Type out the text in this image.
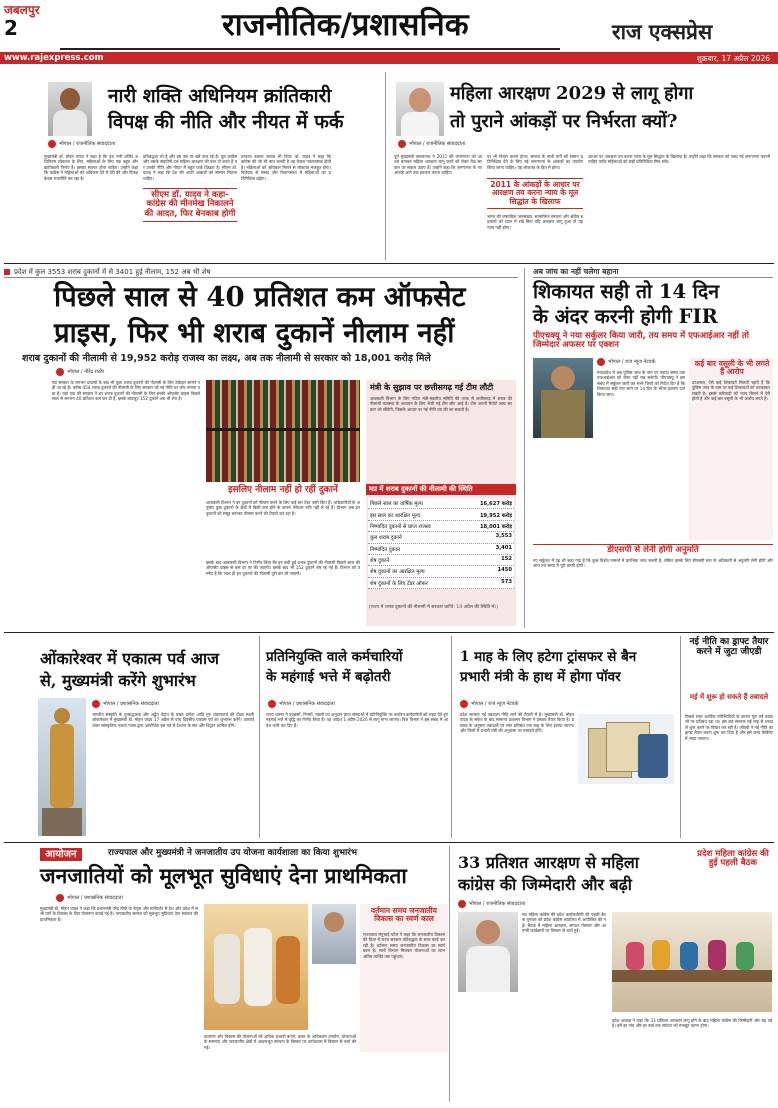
जबलपुर
2	राजनीतिक/प्रशासनिक	राज एक्सप्रेस
www.rajexpress.com	शुक्रवार, 17 अप्रैल 2026
नारी शक्ति अधिनियम क्रांतिकारी
विपक्ष की नीति और नीयत में फर्क
भोपाल / राजनीतिक संवाददाता
मुख्यमंत्री डॉ. मोहन यादव ने कहा है कि देश नारी शक्ति अधिनियम लोकतंत्र के लिए, महिलाओं के लिए एक बहुत और क्रांतिकारी निर्णय है। इसका स्वागत होना चाहिए। उन्होंने कहा कि कांग्रेस ने महिलाओं को अधिकार देने में देरी की और विपक्ष केवल राजनीति कर रहा है।
प्रतिबद्धता भी है और हम उस पर खरे उतर रहे हैं। पूरा कांग्रेस और उसके सहयोगी दल महिला आरक्षण की बात तो करते हैं पर उनकी नीति और नीयत में बहुत फर्क दिखता है। सीएम डॉ. यादव ने कहा कि देश की आधी आबादी को सम्मान मिलना चाहिए।
सीएम डॉ. यादव ने कहा- कांग्रेस की मीनमेख निकालने की आदत, फिर बेनकाब होगी
तत्काल उसका जवाब भी दिया। डॉ. यादव ने कहा कि कांग्रेस की जो भी बात चलती है वह केवल नकारात्मक होती है। महिलाओं को अधिकार मिलने से लोकतंत्र मजबूत होगा। विधेयक से संसद और विधानसभा में महिलाओं का प्रतिनिधित्व बढ़ेगा।
महिला आरक्षण 2029 से लागू होगा
तो पुराने आंकड़ों पर निर्भरता क्यों?
भोपाल / राजनीतिक संवाददाता
पूर्व मुख्यमंत्री कमलनाथ ने 2011 की जनगणना को आधार बनाकर महिला आरक्षण लागू करने को लेकर केंद्र सरकार पर सवाल उठाए हैं। उन्होंने कहा कि जनगणना के नए आंकड़े आने तक इंतजार करना चाहिए।
पर भी विचार करना होगा। समाज के सभी वर्गों को समान प्रतिनिधित्व देने के लिए नई जनगणना के आंकड़ों का उपयोग किया जाना चाहिए। यह लोकतंत्र के हित में होगा।
2011 के आंकड़ों के आधार पर आरक्षण तय करना न्याय के मूल सिद्धांत के खिलाफ
भारत की वास्तविक जनसंख्या, सामाजिक संरचना और क्षेत्रीय बदलावों को ध्यान में रखे बिना यदि आरक्षण लागू हुआ तो यह न्याय नहीं होगा।
आधार पर आरक्षण तय करना न्याय के मूल सिद्धांत के खिलाफ है। उन्होंने कहा कि सरकार को जल्द नई जनगणना करानी चाहिए ताकि महिलाओं को सही प्रतिनिधित्व मिल सके।
प्रदेश में कुल 3553 शराब दुकानों में से 3401 हुई नीलाम, 152 अब भी शेष
पिछले साल से 40 प्रतिशत कम ऑफसेट
प्राइस, फिर भी शराब दुकानें नीलाम नहीं
शराब दुकानों की नीलामी से 19,952 करोड़ राजस्व का लक्ष्य, अब तक नीलामी से सरकार को 18,001 करोड़ मिले
भोपाल / नीरेंद्र राठौर
मप्र सरकार के लगभग प्रयासों के बाद भी कुछ शराब दुकानों की नीलामी के लिए ठेकेदार सामने नहीं आ रहे हैं। करीब 454 शराब दुकानों की नीलामी के लिए सरकार को नई नीति पर जोर लगाना पड़ा है। यहां तक की सरकार ने इन शराब दुकानों की नीलामी के लिए इनकी ऑफसेट प्राइस पिछले साल से लगभग 40 प्रतिशत कम कर दी है, इसके बावजूद 152 दुकानें अब भी शेष हैं।
इसलिए नीलाम नहीं हो रहीं दुकानें
आबकारी विभाग ने इन दुकानों को नीलाम करने के लिए कई बार टेंडर जारी किए हैं। अधिकारियों के अनुसार कुछ दुकानों के क्षेत्रों में बिक्री कम होने के कारण ठेकेदार रुचि नहीं ले रहे हैं। विभाग अब इन दुकानों को समूह बनाकर नीलाम करने की तैयारी कर रहा है।
इसके बाद आबकारी विभाग ने निर्णय लिया कि इन बची हुई शराब दुकानों की नीलामी पिछले साल की ऑफसेट प्राइस से कम दर पर की जाएगी। इसके बाद भी 152 दुकानें शेष रह गई हैं। विभाग को उम्मीद है कि जल्द ही इन दुकानों की नीलामी पूरी कर ली जाएगी।
मंत्री के सुझाव पर छत्तीसगढ़ गई टीम लौटी
आबकारी विभाग के लिए गठित मंत्री-मंडलीय समिति की तरफ से छत्तीसगढ़ में शराब की नीलामी व्यवस्था के अध्ययन के लिए भेजी गई टीम लौट आई है। टीम अपनी रिपोर्ट जल्द सरकार को सौंपेगी, जिसके आधार पर नई नीति तय की जा सकती है।
मप्र में शराब दुकानों की नीलामी की स्थिति
पिछले साल का वार्षिक मूल्य	16,627 करोड़
इस साल का आरक्षित मूल्य	19,952 करोड़
निष्पादित दुकानों से प्राप्त राजस्व	18,001 करोड़
कुल शराब दुकानें	3,553
निष्पादित दुकान	3,401
शेष दुकानें	152
शेष दुकानों का आरक्षित मूल्य	1450
शेष दुकानों के लिए टेंडर ऑफर	573
(राज्य में शराब दुकानों की नीलामी में सरकार प्राप्ति: 14 अप्रैल की स्थिति में।)
अब जांच का नहीं चलेगा बहाना
शिकायत सही तो 14 दिन
के अंदर करनी होगी FIR
पीएचक्यू ने नया सर्कुलर किया जारी, तय समय में एफआईआर नहीं तो जिम्मेदार अफसर पर एक्शन
भोपाल / राज न्यूज नेटवर्क
मध्यप्रदेश में अब पुलिस जांच के नाम पर ज्यादा समय तक एफआईआर को रोका नहीं रख सकेगी। पीएचक्यू ने इस संबंध में सर्कुलर जारी कर सभी जिलों को निर्देश दिए हैं कि शिकायत सही पाए जाने पर 14 दिन के भीतर प्रकरण दर्ज किया जाए।
कई बार वसूली के भी लगते हैं आरोप
दरअसल, ऐसे कई शिकायतें मिलती रहती हैं कि पुलिस जांच के नाम पर कई शिकायतों को लटकाकर रखती है। इससे फरियादी को न्याय मिलने में देरी होती है और कई बार वसूली के भी आरोप लगते हैं।
डीएसपी से लेनी होगी अनुमति
नए सर्कुलर में यह भी कहा गया है कि कुछ विशेष मामलों में प्रारंभिक जांच जरूरी है, लेकिन इसके लिए डीएसपी स्तर के अधिकारी से अनुमति लेनी होगी और जांच तय समय में पूरी करनी होगी।
ओंकारेश्वर में एकात्म पर्व आज
से, मुख्यमंत्री करेंगे शुभारंभ
भोपाल / प्रशासनिक संवाददाता
भारतीय संस्कृति के पुनरुद्धारक और अद्वैत वेदांत के प्रखर प्रणेता आदि गुरु शंकराचार्य की दीक्षा स्थली ओंकारेश्वर में मुख्यमंत्री डॉ. मोहन यादव 17 अप्रैल से पांच दिवसीय एकात्म पर्व का शुभारंभ करेंगे। आचार्य शंकर सांस्कृतिक एकता न्यास द्वारा आयोजित इस पर्व में देशभर के संत और विद्वान शामिल होंगे।
प्रतिनियुक्ति वाले कर्मचारियों
के महंगाई भत्ते में बढ़ोतरी
भोपाल / प्रशासनिक संवाददाता
राज्य शासन ने उपक्रमों, निगमों, मंडलों एवं अनुदान प्राप्त संस्थाओं में प्रतिनियुक्ति पर कार्यरत कर्मचारियों को राहत देते हुए महंगाई भत्ते में वृद्धि का निर्णय लिया है। यह आदेश 1 अप्रैल 2026 से लागू माना जाएगा। वित्त विभाग ने इस संबंध में आदेश जारी कर दिए हैं।
1 माह के लिए हटेगा ट्रांसफर से बैन
प्रभारी मंत्री के हाथ में होगा पॉवर
भोपाल / राज न्यूज नेटवर्क
प्रदेश सरकार नई तबादला नीति लाने की तैयारी में है। मुख्यमंत्री डॉ. मोहन यादव के संकेत के बाद सामान्य प्रशासन विभाग ने प्रस्ताव तैयार किया है। प्रस्ताव के अनुसार तबादलों पर लगा प्रतिबंध एक माह के लिए हटाया जाएगा और जिलों में प्रभारी मंत्री की अनुशंसा पर तबादले होंगे।
नई नीति का ड्राफ्ट तैयार करने में जुटा जीएडी
मई में शुरू हो सकते हैं तबादले
पिछले साल आर्थिक परिस्थितियों के कारण पूरा वर्ष तबादलों पर प्रतिबंध रहा था। इस बार सरकार मई माह से तबादले शुरू करने पर विचार कर रही है। जीएडी ने नई नीति का ड्राफ्ट तैयार करना शुरू कर दिया है और इसे जल्द कैबिनेट में लाया जाएगा।
आयोजन	राज्यपाल और मुख्यमंत्री ने जनजातीय उप योजना कार्यशाला का किया शुभारंभ
जनजातियों को मूलभूत सुविधाएं देना प्राथमिकता
भोपाल / प्रशासनिक संवाददाता
मुख्यमंत्री डॉ. मोहन यादव ने कहा कि प्रधानमंत्री नरेंद्र मोदी के नेतृत्व और मार्गदर्शन में देश और प्रदेश में सभी वर्गों के विकास के लिए योजनाएं बनाई गई हैं। जनजातीय समाज को मूलभूत सुविधाएं देना सरकार की प्राथमिकता है।
वर्तमान समय जनजातीय विकास का स्वर्ण काल
राज्यपाल मंगुभाई पटेल ने कहा कि जनजातीय विकास की दिशा में राज्य सरकार प्रतिबद्धता के साथ कार्य कर रही है। वर्तमान समय जनजातीय विकास का स्वर्ण काल है। सभी विभाग मिलकर योजनाओं का लाभ अंतिम व्यक्ति तक पहुंचाएं।
कल्याण और विकास की योजनाओं को अधिक प्रभावी बनाने, बजट के अधिकतम उपयोग, योजनाओं के समन्वय और जनजातीय क्षेत्रों में आधारभूत संरचना के विस्तार पर कार्यशाला में विस्तार से चर्चा की गई।
33 प्रतिशत आरक्षण से महिला
कांग्रेस की जिम्मेदारी और बढ़ी
प्रदेश महिला कांग्रेस की हुई पहली बैठक
भोपाल / राजनीतिक संवाददाता
मप्र महिला कांग्रेस की प्रदेश कार्यकारिणी की पहली बैठक गुरुवार को प्रदेश कांग्रेस कार्यालय में आयोजित की गई। बैठक में महिला आरक्षण, संगठन विस्तार और आगामी कार्यक्रमों पर विस्तार से चर्चा हुई।
प्रदेश अध्यक्ष ने कहा कि 33 प्रतिशत आरक्षण लागू होने के बाद महिला कांग्रेस की जिम्मेदारी और बढ़ गई है। हमें हर गांव और हर वार्ड तक संगठन को मजबूत करना होगा।
